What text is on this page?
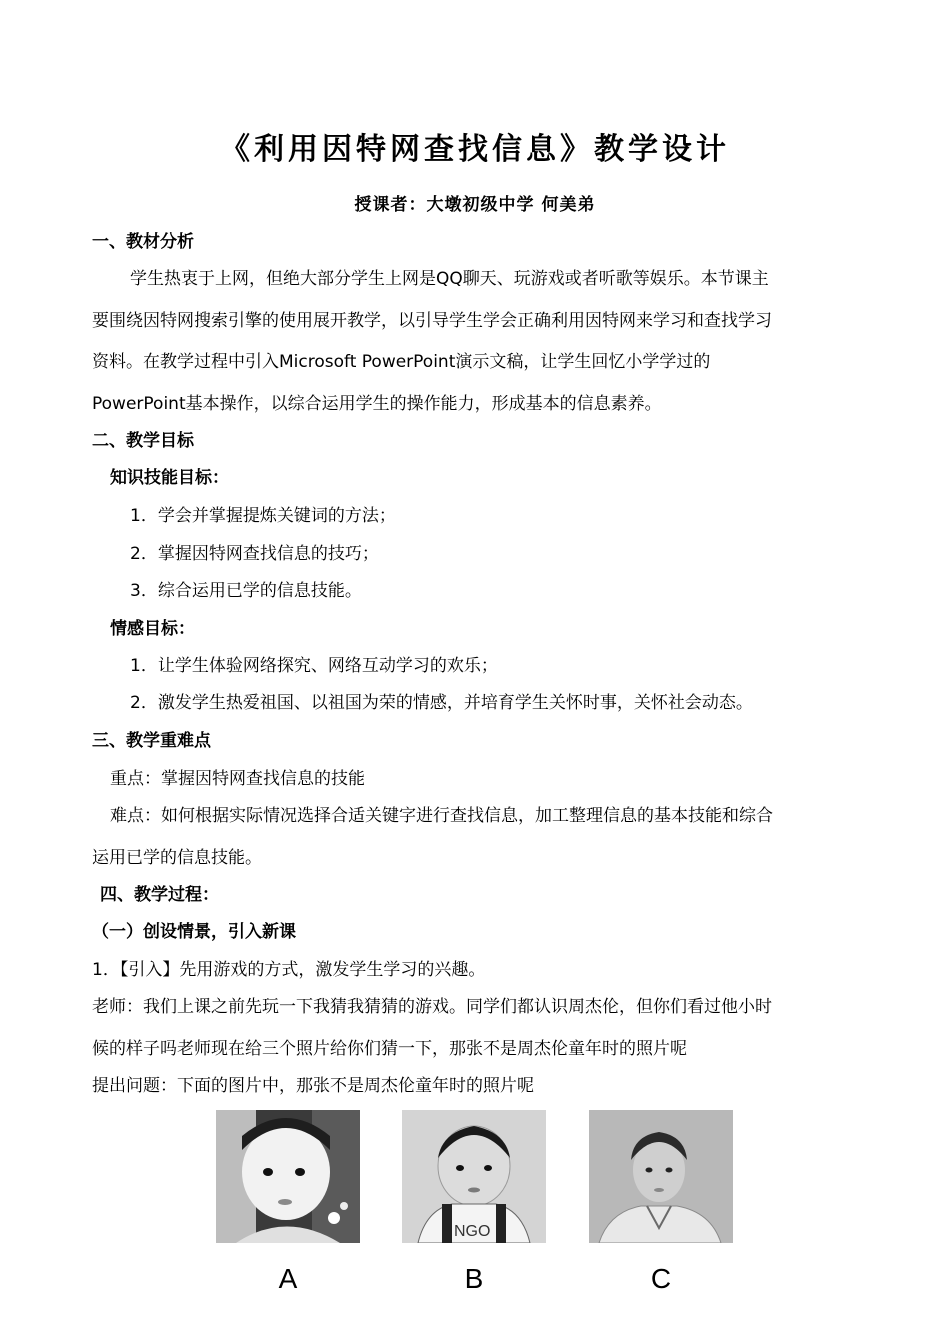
《利用因特网查找信息》教学设计
授课者：大墩初级中学 何美弟
一、教材分析
学生热衷于上网，但绝大部分学生上网是QQ聊天、玩游戏或者听歌等娱乐。本节课主
要围绕因特网搜索引擎的使用展开教学，以引导学生学会正确利用因特网来学习和查找学习
资料。在教学过程中引入Microsoft PowerPoint演示文稿，让学生回忆小学学过的
PowerPoint基本操作，以综合运用学生的操作能力，形成基本的信息素养。
二、教学目标
知识技能目标：
1．学会并掌握提炼关键词的方法；
2．掌握因特网查找信息的技巧；
3．综合运用已学的信息技能。
情感目标：
1．让学生体验网络探究、网络互动学习的欢乐；
2．激发学生热爱祖国、以祖国为荣的情感，并培育学生关怀时事，关怀社会动态。
三、教学重难点
重点：掌握因特网查找信息的技能
难点：如何根据实际情况选择合适关键字进行查找信息，加工整理信息的基本技能和综合
运用已学的信息技能。
四、教学过程：
（一）创设情景，引入新课
1．【引入】先用游戏的方式，激发学生学习的兴趣。
老师：我们上课之前先玩一下我猜我猜猜的游戏。同学们都认识周杰伦，但你们看过他小时
候的样子吗老师现在给三个照片给你们猜一下，那张不是周杰伦童年时的照片呢
提出问题：下面的图片中，那张不是周杰伦童年时的照片呢
NGO
A	B	C
